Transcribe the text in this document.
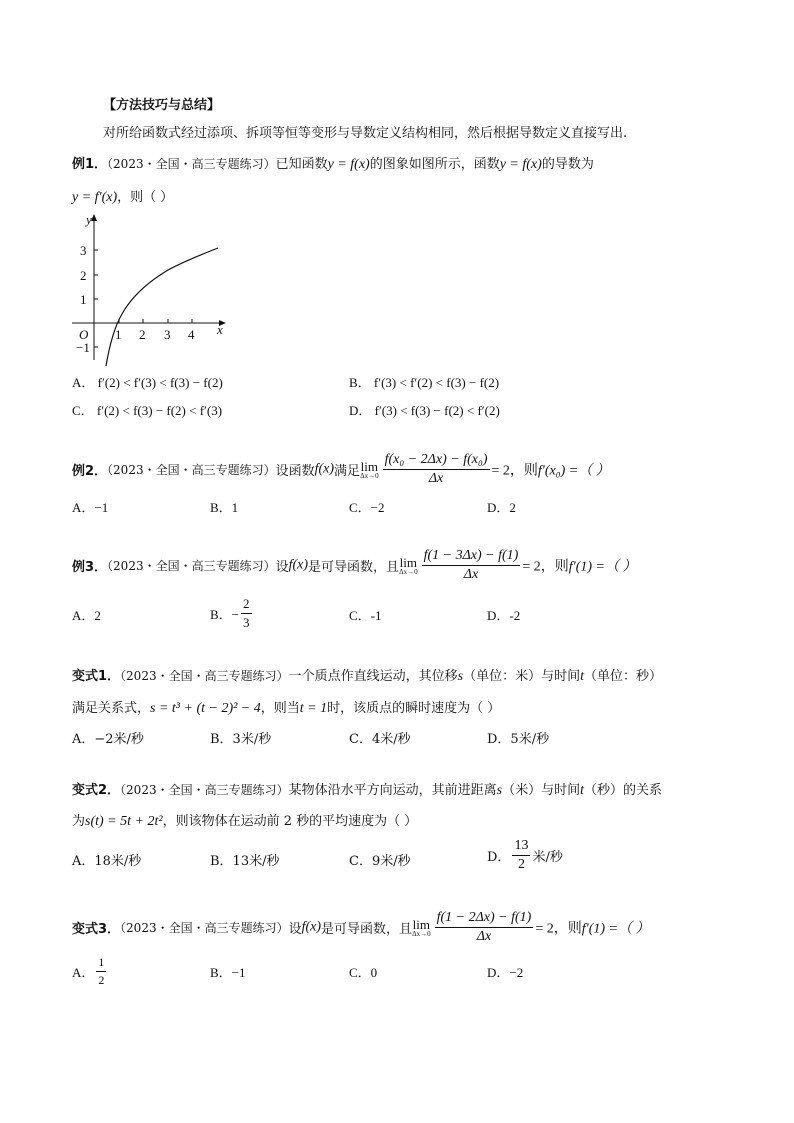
【方法技巧与总结】
对所给函数式经过添项、拆项等恒等变形与导数定义结构相同，然后根据导数定义直接写出.
例1．（2023・全国・高三专题练习）已知函数y = f(x)的图象如图所示，函数y = f(x)的导数为
y = f′(x)，则（ ）
y
x
O
3
2
1
−1
1 2 3 4
A． f′(2) < f′(3) < f(3) − f(2)	B． f′(3) < f′(2) < f(3) − f(2)
C． f′(2) < f(3) − f(2) < f′(3)	D． f′(3) < f(3) − f(2) < f′(2)
例2．（2023・全国・高三专题练习）设函数f(x)满足 lim
$\Delta x\to 0 \frac{\text{f(x₀ − 2Δx) − f(x₀)}}{\Delta x} = 2$，则f′(x₀) =（ ）
A．−1	B．1	C．−2	D．2
例3．（2023・全国・高三专题练习）设f(x)是可导函数，且 lim
$\Delta x\to 0 \frac{f(1 - 3\Delta x) - f(1)}{\Delta x} = 2$，则f′(1) =（ ）
A．2	B．− $\frac{2}{3}$	C．-1	D．-2
变式1．（2023・全国・高三专题练习）一个质点作直线运动，其位移s（单位：米）与时间t（单位：秒）
满足关系式，s = t³ + (t − 2)² − 4，则当t = 1时，该质点的瞬时速度为（ ）
A．−2米/秒	B．3米/秒	C．4米/秒	D．5米/秒
变式2．（2023・全国・高三专题练习）某物体沿水平方向运动，其前进距离s（米）与时间t（秒）的关系
为s(t) = 5t + 2t²，则该物体在运动前 2 秒的平均速度为（ ）
A．18米/秒	B．13米/秒	C．9米/秒	D． $\frac{13}{2}$ 米/秒
变式3．（2023・全国・高三专题练习）设f(x)是可导函数，且 lim
$\Delta x\to 0 \frac{f(1 - 2\Delta x) - f(1)}{\Delta x} = 2$，则f′(1) =（ ）
A． $\frac{1}{2}$	B．−1	C．0	D．−2
